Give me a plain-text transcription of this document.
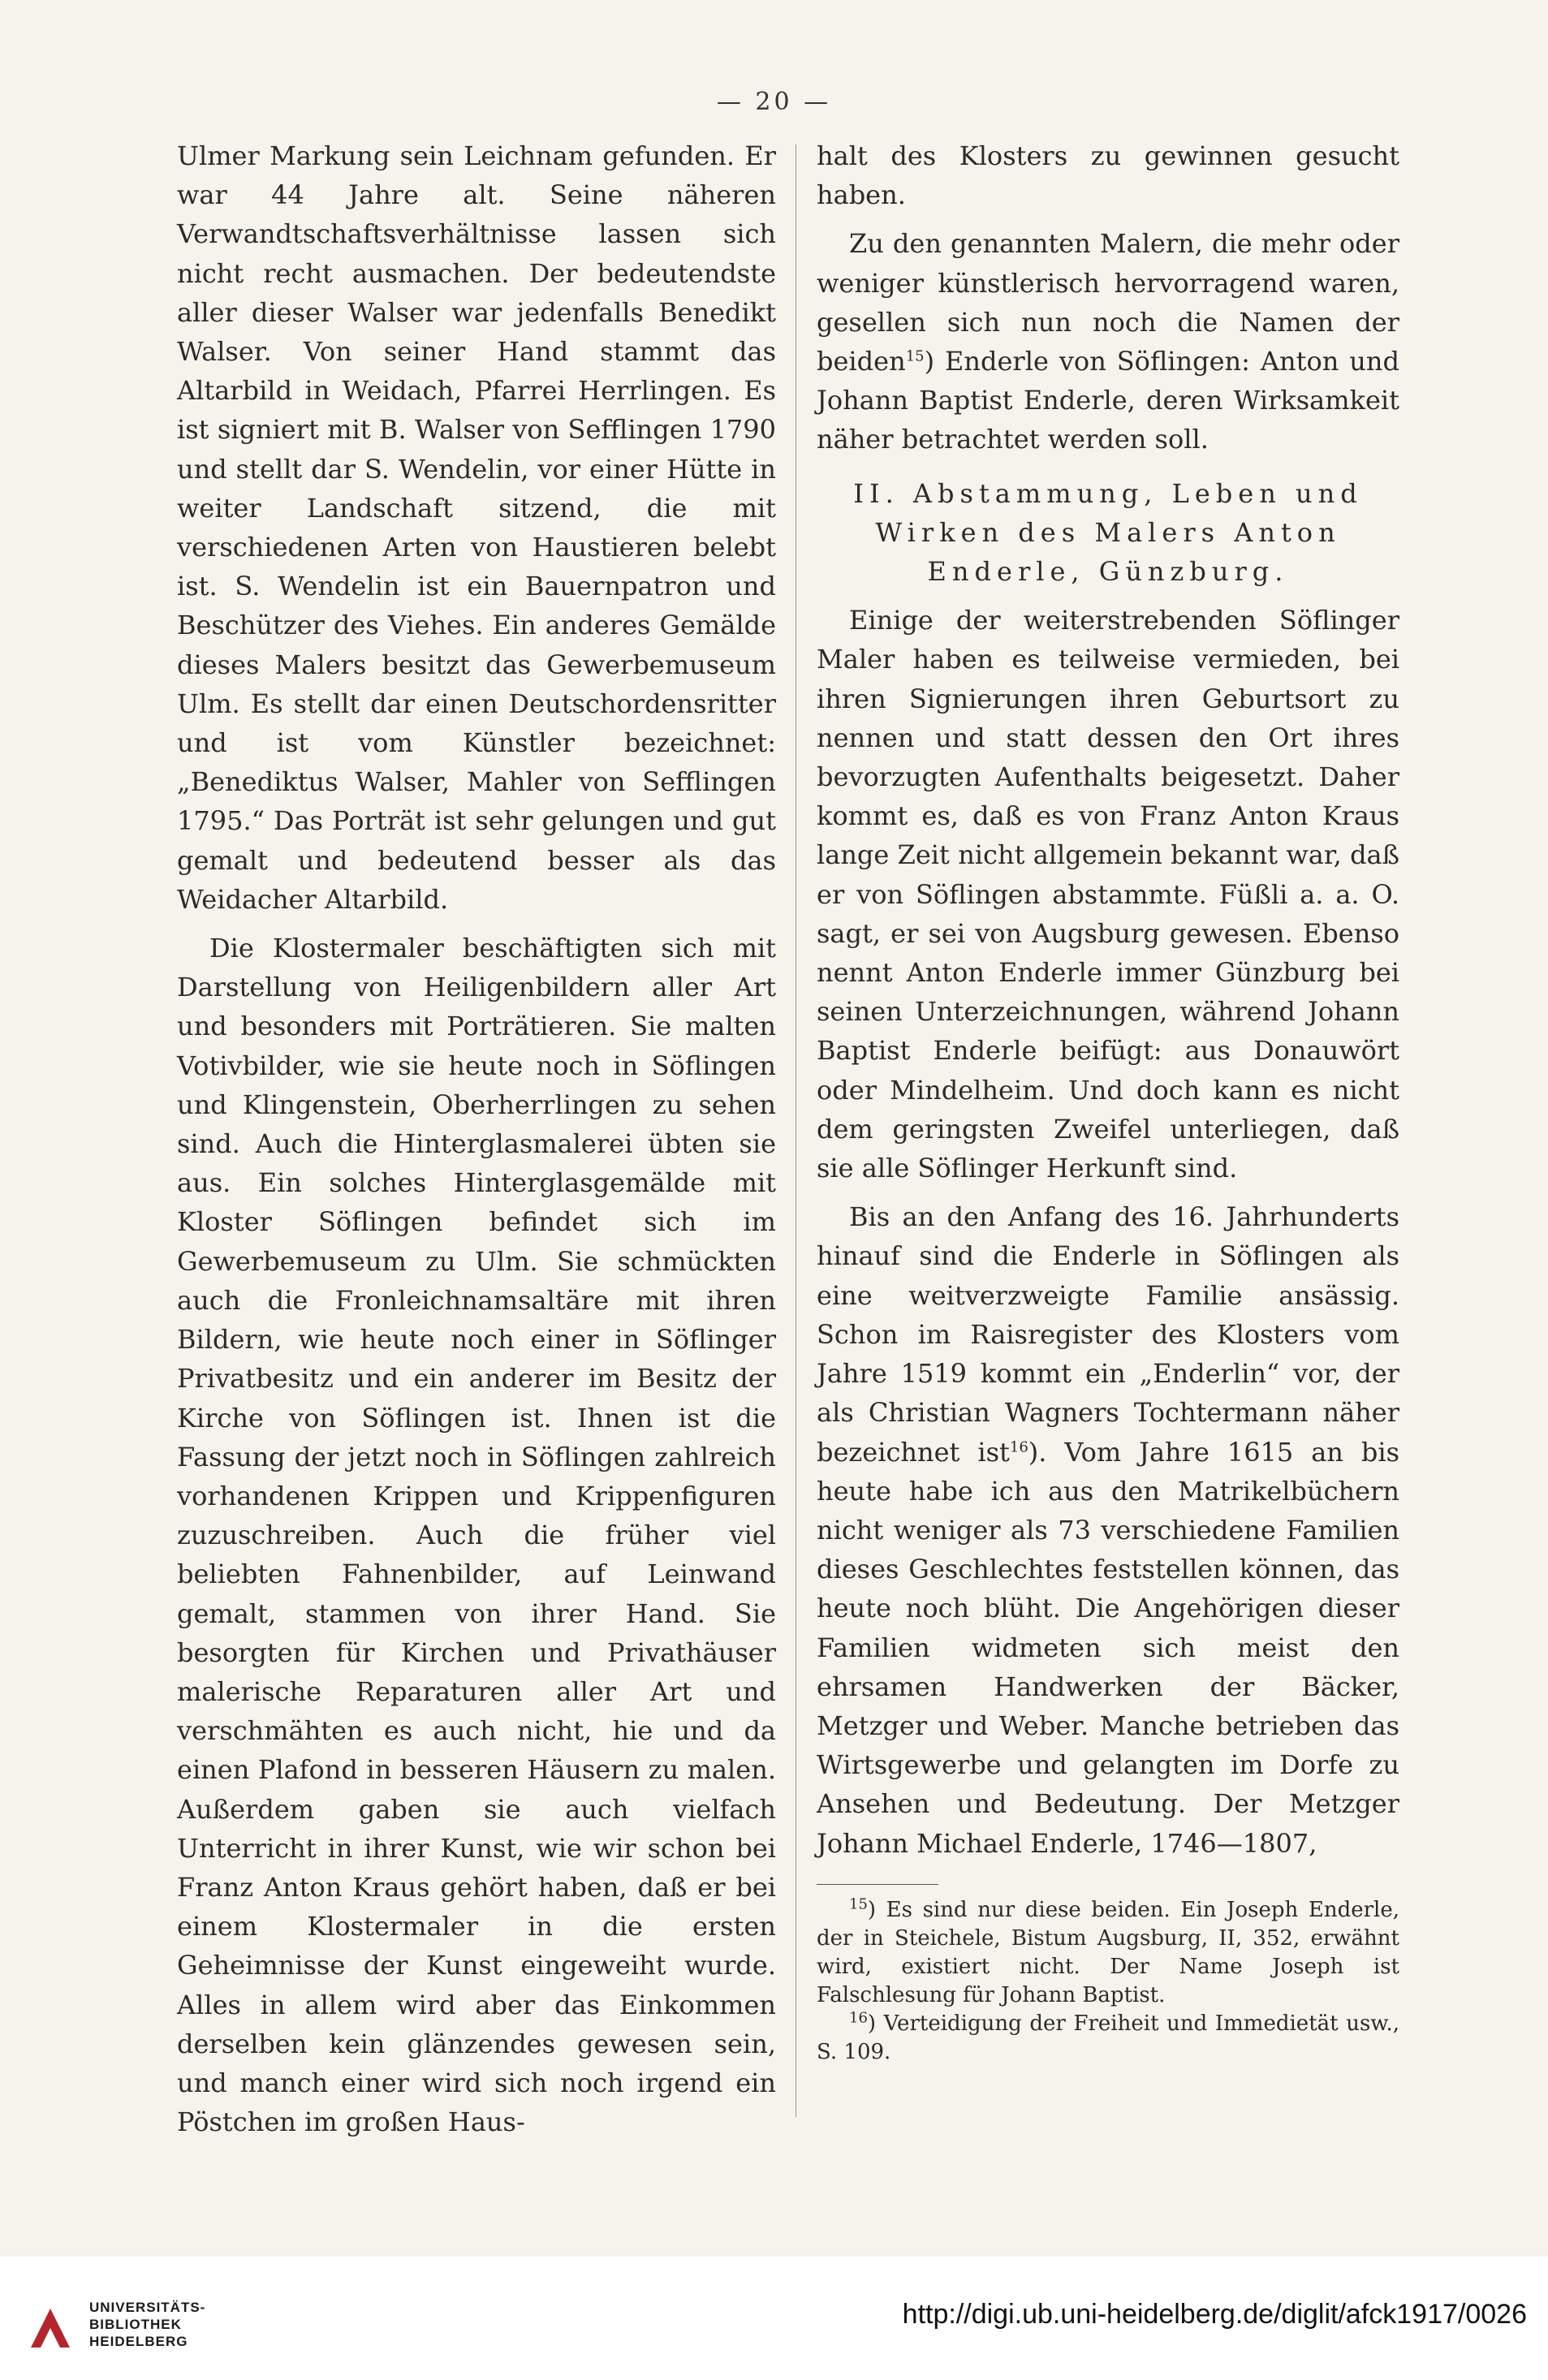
— 20 —

Ulmer Markung sein Leichnam gefunden. Er war 44 Jahre alt. Seine näheren Verwandtschaftsverhältnisse lassen sich nicht recht ausmachen. Der bedeutendste aller dieser Walser war jedenfalls Benedikt Walser. Von seiner Hand stammt das Altarbild in Weidach, Pfarrei Herrlingen. Es ist signiert mit B. Walser von Sefflingen 1790 und stellt dar S. Wendelin, vor einer Hütte in weiter Landschaft sitzend, die mit verschiedenen Arten von Haustieren belebt ist. S. Wendelin ist ein Bauernpatron und Beschützer des Viehes. Ein anderes Gemälde dieses Malers besitzt das Gewerbemuseum Ulm. Es stellt dar einen Deutschordensritter und ist vom Künstler bezeichnet: „Benediktus Walser, Mahler von Sefflingen 1795.“ Das Porträt ist sehr gelungen und gut gemalt und bedeutend besser als das Weidacher Altarbild.

Die Klostermaler beschäftigten sich mit Darstellung von Heiligenbildern aller Art und besonders mit Porträtieren. Sie malten Votivbilder, wie sie heute noch in Söflingen und Klingenstein, Oberherrlingen zu sehen sind. Auch die Hinterglasmalerei übten sie aus. Ein solches Hinterglasgemälde mit Kloster Söflingen befindet sich im Gewerbemuseum zu Ulm. Sie schmückten auch die Fronleichnamsaltäre mit ihren Bildern, wie heute noch einer in Söflinger Privatbesitz und ein anderer im Besitz der Kirche von Söflingen ist. Ihnen ist die Fassung der jetzt noch in Söflingen zahlreich vorhandenen Krippen und Krippenfiguren zuzuschreiben. Auch die früher viel beliebten Fahnenbilder, auf Leinwand gemalt, stammen von ihrer Hand. Sie besorgten für Kirchen und Privathäuser malerische Reparaturen aller Art und verschmähten es auch nicht, hie und da einen Plafond in besseren Häusern zu malen. Außerdem gaben sie auch vielfach Unterricht in ihrer Kunst, wie wir schon bei Franz Anton Kraus gehört haben, daß er bei einem Klostermaler in die ersten Geheimnisse der Kunst eingeweiht wurde. Alles in allem wird aber das Einkommen derselben kein glänzendes gewesen sein, und manch einer wird sich noch irgend ein Pöstchen im großen Haus-

halt des Klosters zu gewinnen gesucht haben.

Zu den genannten Malern, die mehr oder weniger künstlerisch hervorragend waren, gesellen sich nun noch die Namen der beiden$^{15}$) Enderle von Söflingen: Anton und Johann Baptist Enderle, deren Wirksamkeit näher betrachtet werden soll.

II. Abstammung, Leben und
Wirken des Malers Anton
Enderle, Günzburg.

Einige der weiterstrebenden Söflinger Maler haben es teilweise vermieden, bei ihren Signierungen ihren Geburtsort zu nennen und statt dessen den Ort ihres bevorzugten Aufenthalts beigesetzt. Daher kommt es, daß es von Franz Anton Kraus lange Zeit nicht allgemein bekannt war, daß er von Söflingen abstammte. Füßli a. a. O. sagt, er sei von Augsburg gewesen. Ebenso nennt Anton Enderle immer Günzburg bei seinen Unterzeichnungen, während Johann Baptist Enderle beifügt: aus Donauwört oder Mindelheim. Und doch kann es nicht dem geringsten Zweifel unterliegen, daß sie alle Söflinger Herkunft sind.

Bis an den Anfang des 16. Jahrhunderts hinauf sind die Enderle in Söflingen als eine weitverzweigte Familie ansässig. Schon im Raisregister des Klosters vom Jahre 1519 kommt ein „Enderlin“ vor, der als Christian Wagners Tochtermann näher bezeichnet ist$^{16}$). Vom Jahre 1615 an bis heute habe ich aus den Matrikelbüchern nicht weniger als 73 verschiedene Familien dieses Geschlechtes feststellen können, das heute noch blüht. Die Angehörigen dieser Familien widmeten sich meist den ehrsamen Handwerken der Bäcker, Metzger und Weber. Manche betrieben das Wirtsgewerbe und gelangten im Dorfe zu Ansehen und Bedeutung. Der Metzger Johann Michael Enderle, 1746—1807,

$^{15}$) Es sind nur diese beiden. Ein Joseph Enderle, der in Steichele, Bistum Augsburg, II, 352, erwähnt wird, existiert nicht. Der Name Joseph ist Falschlesung für Johann Baptist.

$^{16}$) Verteidigung der Freiheit und Immedietät usw., S. 109.

UNIVERSITÄTS-
BIBLIOTHEK
HEIDELBERG
http://digi.ub.uni-heidelberg.de/diglit/afck1917/0026
